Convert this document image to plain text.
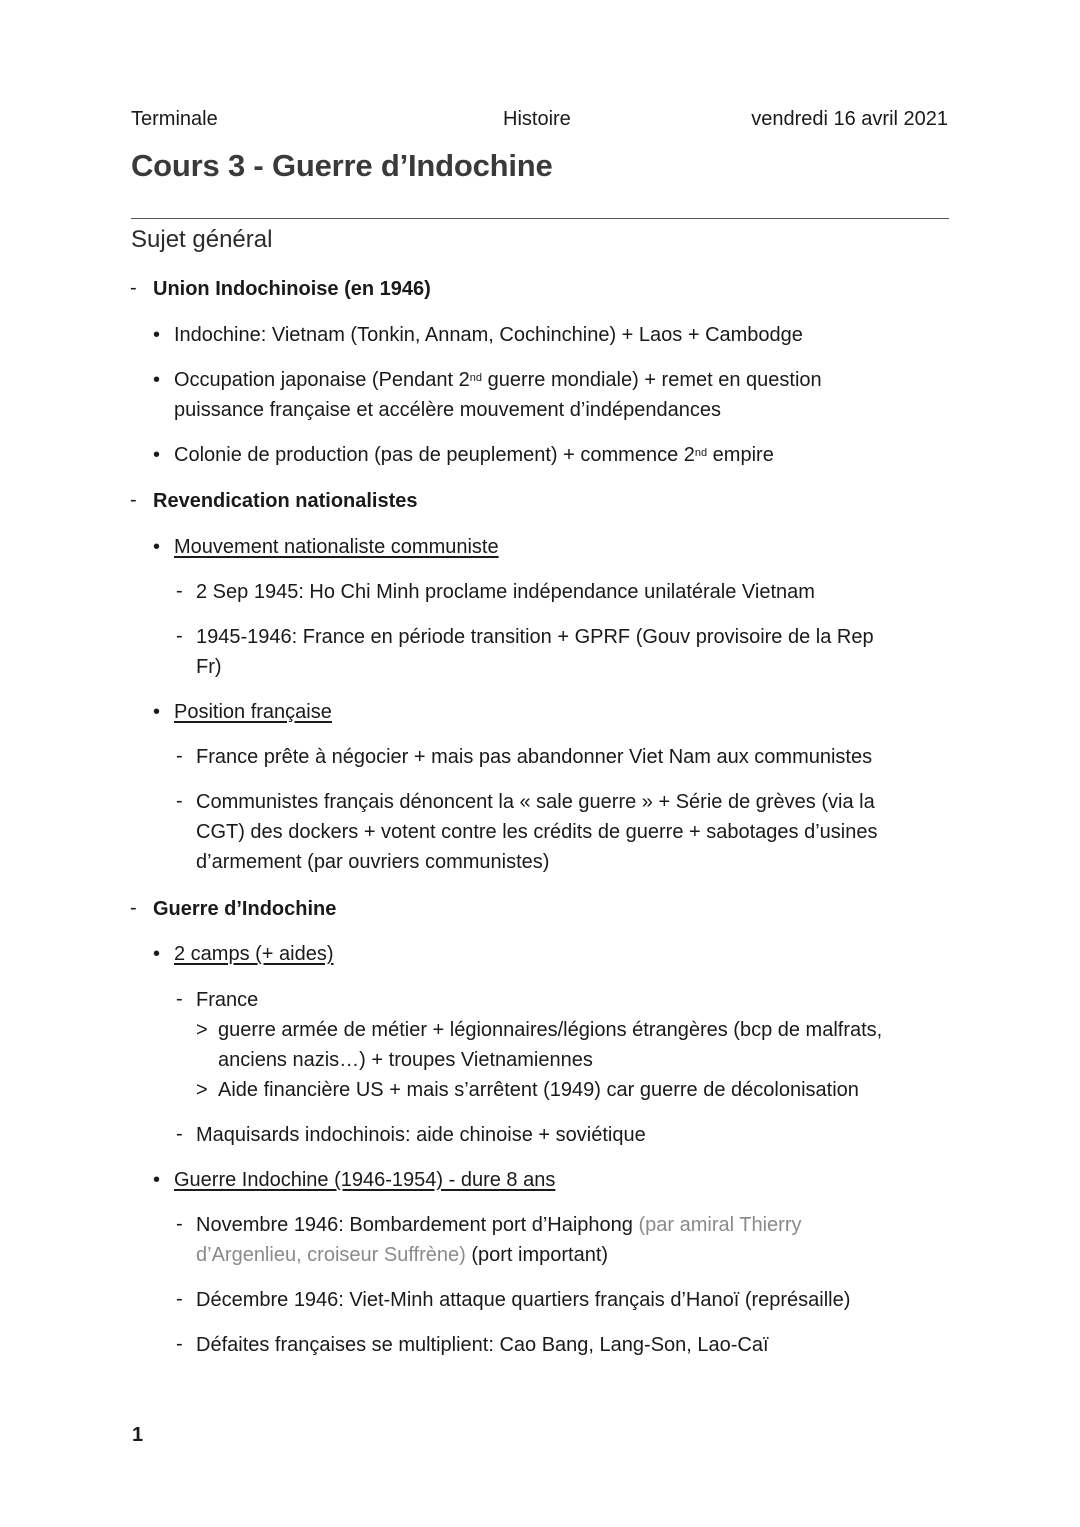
Terminale	Histoire	vendredi 16 avril 2021
Cours 3 - Guerre d’Indochine
Sujet général
- Union Indochinoise (en 1946)
• Indochine: Vietnam (Tonkin, Annam, Cochinchine) + Laos + Cambodge
• Occupation japonaise (Pendant 2nd guerre mondiale) + remet en question
puissance française et accélère mouvement d’indépendances
• Colonie de production (pas de peuplement) + commence 2nd empire
- Revendication nationalistes
• Mouvement nationaliste communiste
- 2 Sep 1945: Ho Chi Minh proclame indépendance unilatérale Vietnam
- 1945-1946: France en période transition + GPRF (Gouv provisoire de la Rep
Fr)
• Position française
- France prête à négocier + mais pas abandonner Viet Nam aux communistes
- Communistes français dénoncent la « sale guerre » + Série de grèves (via la
CGT) des dockers + votent contre les crédits de guerre + sabotages d’usines
d’armement (par ouvriers communistes)
- Guerre d’Indochine
• 2 camps (+ aides)
- France
> guerre armée de métier + légionnaires/légions étrangères (bcp de malfrats,
anciens nazis…) + troupes Vietnamiennes
> Aide financière US + mais s’arrêtent (1949) car guerre de décolonisation
- Maquisards indochinois: aide chinoise + soviétique
• Guerre Indochine (1946-1954) - dure 8 ans
- Novembre 1946: Bombardement port d’Haiphong (par amiral Thierry
d’Argenlieu, croiseur Suffrène) (port important)
- Décembre 1946: Viet-Minh attaque quartiers français d’Hanoï (représaille)
- Défaites françaises se multiplient: Cao Bang, Lang-Son, Lao-Caï
1
